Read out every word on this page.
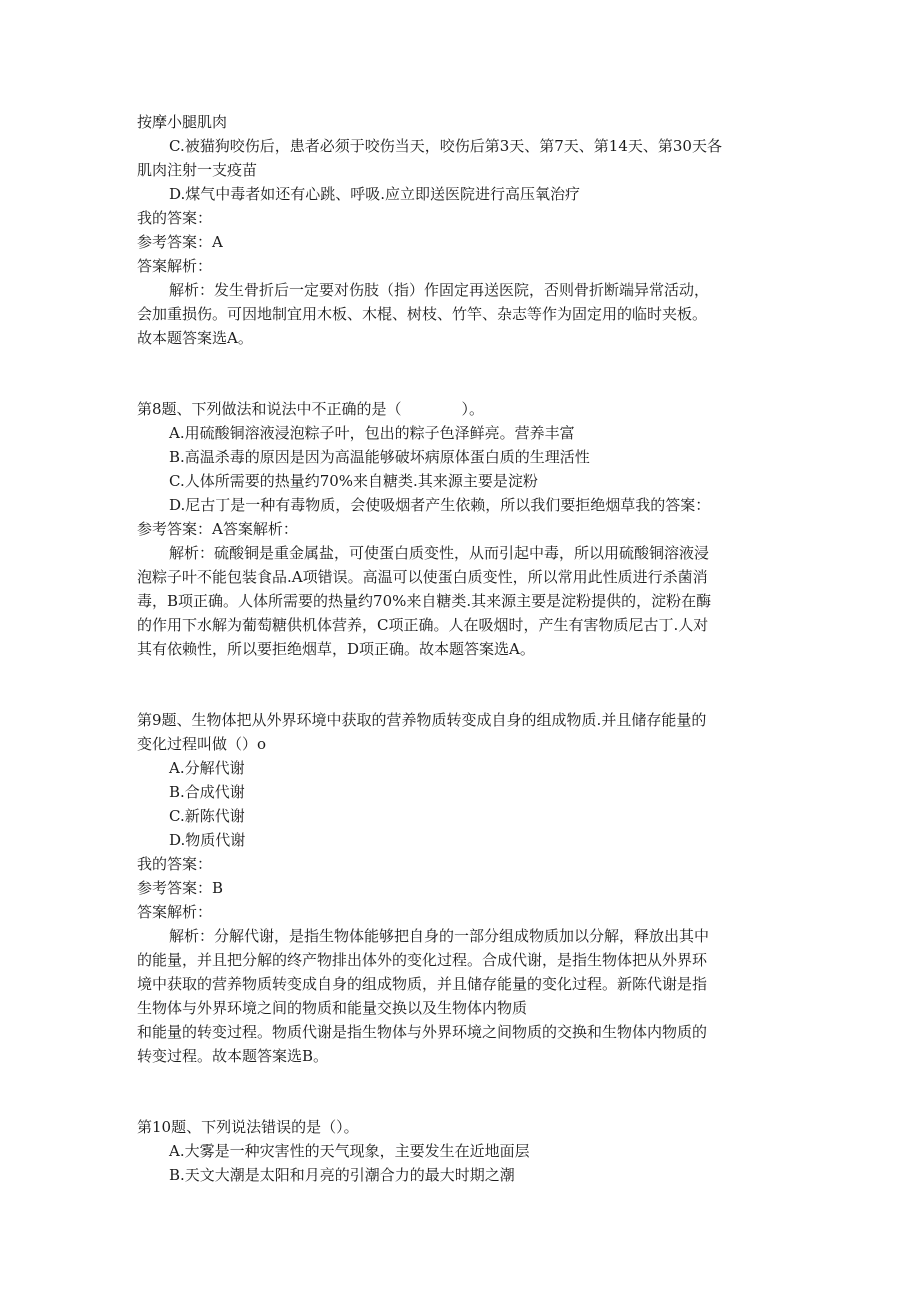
按摩小腿肌肉
C.被猫狗咬伤后，患者必须于咬伤当天，咬伤后第3天、第7天、第14天、第30天各
肌肉注射一支疫苗
D.煤气中毒者如还有心跳、呼吸.应立即送医院进行高压氧治疗
我的答案：
参考答案：A
答案解析：
解析：发生骨折后一定要对伤肢（指）作固定再送医院，否则骨折断端异常活动，
会加重损伤。可因地制宜用木板、木棍、树枝、竹竿、杂志等作为固定用的临时夹板。
故本题答案选A。
第8题、下列做法和说法中不正确的是（　　　　）。
A.用硫酸铜溶液浸泡粽子叶，包出的粽子色泽鲜亮。营养丰富
B.高温杀毒的原因是因为高温能够破坏病原体蛋白质的生理活性
C.人体所需要的热量约70%来自糖类.其来源主要是淀粉
D.尼古丁是一种有毒物质，会使吸烟者产生依赖，所以我们要拒绝烟草我的答案：
参考答案：A答案解析：
解析：硫酸铜是重金属盐，可使蛋白质变性，从而引起中毒，所以用硫酸铜溶液浸
泡粽子叶不能包装食品.A项错误。高温可以使蛋白质变性，所以常用此性质进行杀菌消
毒，B项正确。人体所需要的热量约70%来自糖类.其来源主要是淀粉提供的，淀粉在酶
的作用下水解为葡萄糖供机体营养，C项正确。人在吸烟时，产生有害物质尼古丁.人对
其有依赖性，所以要拒绝烟草，D项正确。故本题答案选A。
第9题、生物体把从外界环境中获取的营养物质转变成自身的组成物质.并且储存能量的
变化过程叫做（）o
A.分解代谢
B.合成代谢
C.新陈代谢
D.物质代谢
我的答案：
参考答案：B
答案解析：
解析：分解代谢，是指生物体能够把自身的一部分组成物质加以分解，释放出其中
的能量，并且把分解的终产物排出体外的变化过程。合成代谢，是指生物体把从外界环
境中获取的营养物质转变成自身的组成物质，并且储存能量的变化过程。新陈代谢是指
生物体与外界环境之间的物质和能量交换以及生物体内物质
和能量的转变过程。物质代谢是指生物体与外界环境之间物质的交换和生物体内物质的
转变过程。故本题答案选B。
第10题、下列说法错误的是（）。
A.大雾是一种灾害性的天气现象，主要发生在近地面层
B.天文大潮是太阳和月亮的引潮合力的最大时期之潮
